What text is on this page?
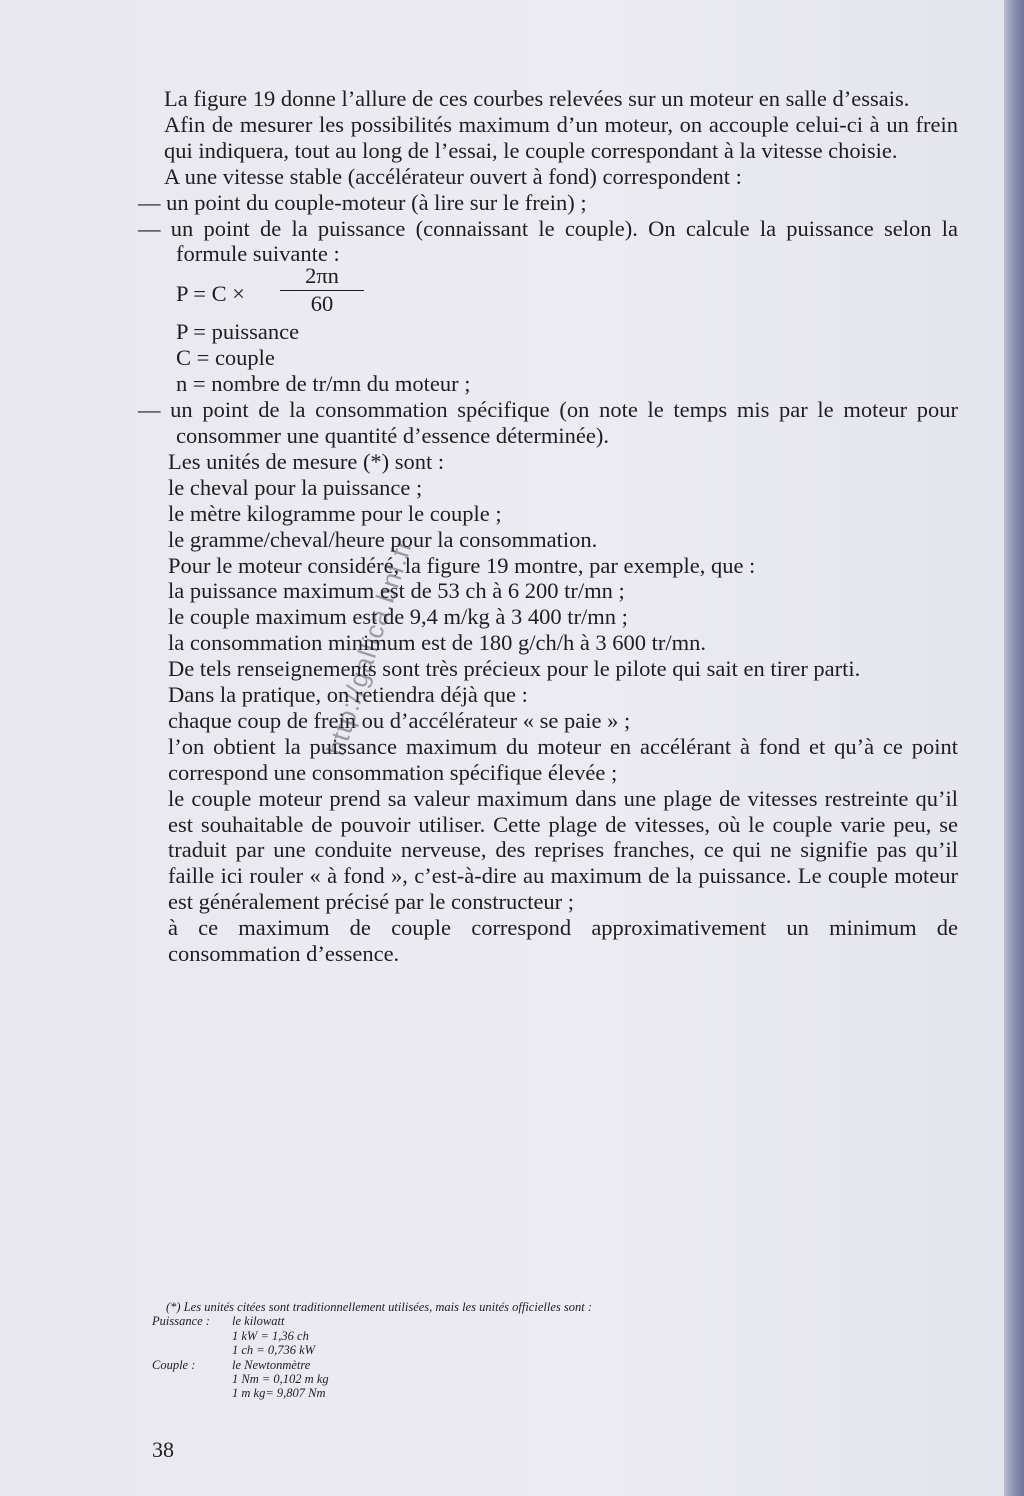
La figure 19 donne l’allure de ces courbes relevées sur un moteur en salle d’essais.

Afin de mesurer les possibilités maximum d’un moteur, on accouple celui-ci à un frein qui indiquera, tout au long de l’essai, le couple correspondant à la vitesse choisie.

A une vitesse stable (accélérateur ouvert à fond) correspondent :

— un point du couple-moteur (à lire sur le frein) ;

— un point de la puissance (connaissant le couple). On calcule la puissance selon la formule suivante :

$P = C \times \frac{2\pi n}{60}$

P = puissance

C = couple

n = nombre de tr/mn du moteur ;

— un point de la consommation spécifique (on note le temps mis par le moteur pour consommer une quantité d’essence déterminée).

Les unités de mesure (*) sont :

le cheval pour la puissance ;

le mètre kilogramme pour le couple ;

le gramme/cheval/heure pour la consommation.

Pour le moteur considéré, la figure 19 montre, par exemple, que :

la puissance maximum est de 53 ch à 6 200 tr/mn ;

le couple maximum est de 9,4 m/kg à 3 400 tr/mn ;

la consommation minimum est de 180 g/ch/h à 3 600 tr/mn.

De tels renseignements sont très précieux pour le pilote qui sait en tirer parti.

Dans la pratique, on retiendra déjà que :

chaque coup de frein ou d’accélérateur « se paie » ;

l’on obtient la puissance maximum du moteur en accélérant à fond et qu’à ce point correspond une consommation spécifique élevée ;

le couple moteur prend sa valeur maximum dans une plage de vitesses restreinte qu’il est souhaitable de pouvoir utiliser. Cette plage de vitesses, où le couple varie peu, se traduit par une conduite nerveuse, des reprises franches, ce qui ne signifie pas qu’il faille ici rouler « à fond », c’est-à-dire au maximum de la puissance. Le couple moteur est généralement précisé par le constructeur ;

à ce maximum de couple correspond approximativement un minimum de consommation d’essence.

(*) Les unités citées sont traditionnellement utilisées, mais les unités officielles sont :
Puissance :	le kilowatt
1 kW = 1,36 ch
1 ch = 0,736 kW
Couple :	le Newtonmètre
1 Nm = 0,102 m kg
1 m kg= 9,807 Nm
38
http://gallica.bnf.fr
